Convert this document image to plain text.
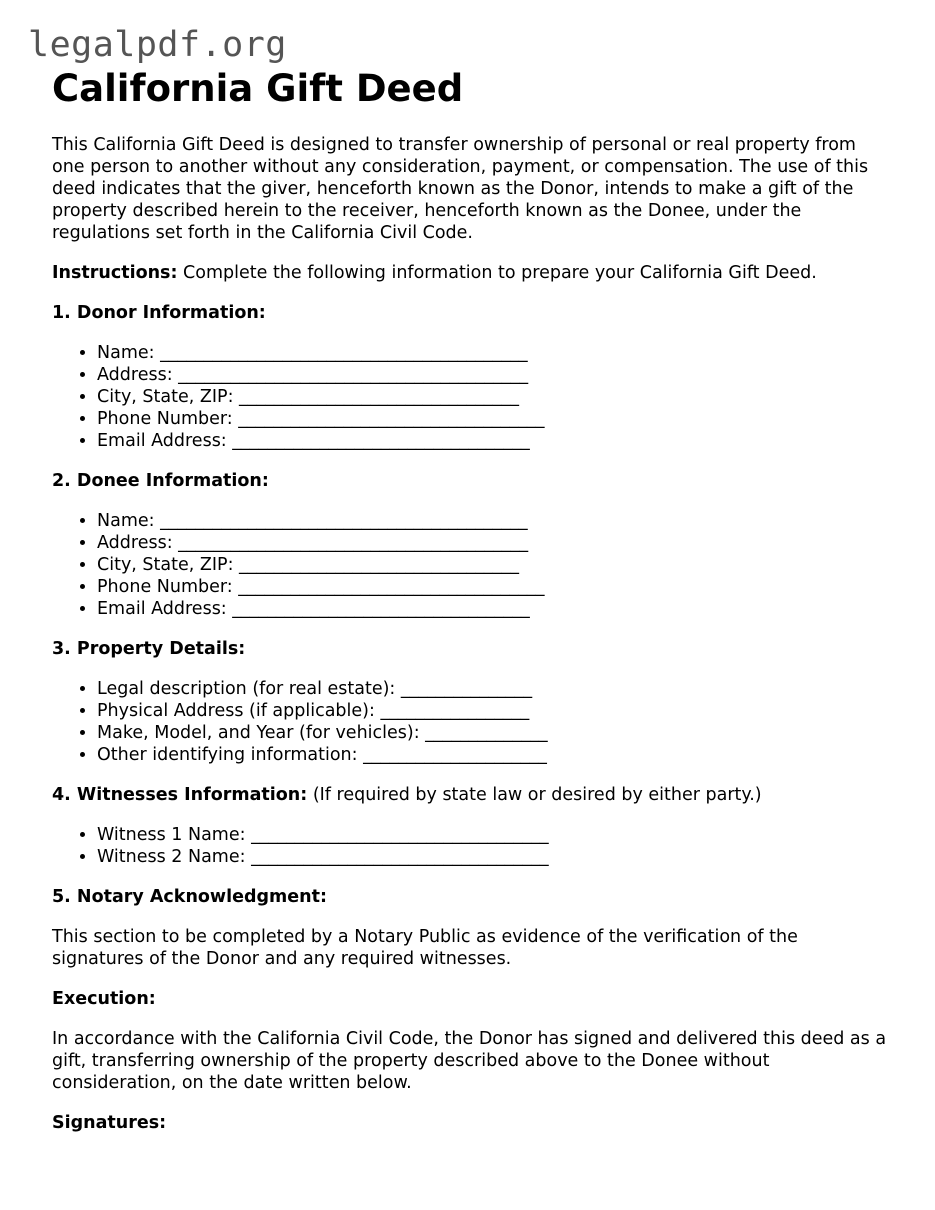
legalpdf.org
California Gift Deed

This California Gift Deed is designed to transfer ownership of personal or real property from one person to another without any consideration, payment, or compensation. The use of this deed indicates that the giver, henceforth known as the Donor, intends to make a gift of the property described herein to the receiver, henceforth known as the Donee, under the regulations set forth in the California Civil Code.

Instructions: Complete the following information to prepare your California Gift Deed.

1. Donor Information:
• Name: __________________________________________
• Address: ________________________________________
• City, State, ZIP: ________________________________
• Phone Number: ___________________________________
• Email Address: __________________________________
2. Donee Information:
• Name: __________________________________________
• Address: ________________________________________
• City, State, ZIP: ________________________________
• Phone Number: ___________________________________
• Email Address: __________________________________
3. Property Details:
• Legal description (for real estate): _______________
• Physical Address (if applicable): _________________
• Make, Model, and Year (for vehicles): ______________
• Other identifying information: _____________________
4. Witnesses Information: (If required by state law or desired by either party.)
• Witness 1 Name: __________________________________
• Witness 2 Name: __________________________________
5. Notary Acknowledgment:

This section to be completed by a Notary Public as evidence of the verification of the signatures of the Donor and any required witnesses.

Execution:

In accordance with the California Civil Code, the Donor has signed and delivered this deed as a gift, transferring ownership of the property described above to the Donee without consideration, on the date written below.

Signatures:
